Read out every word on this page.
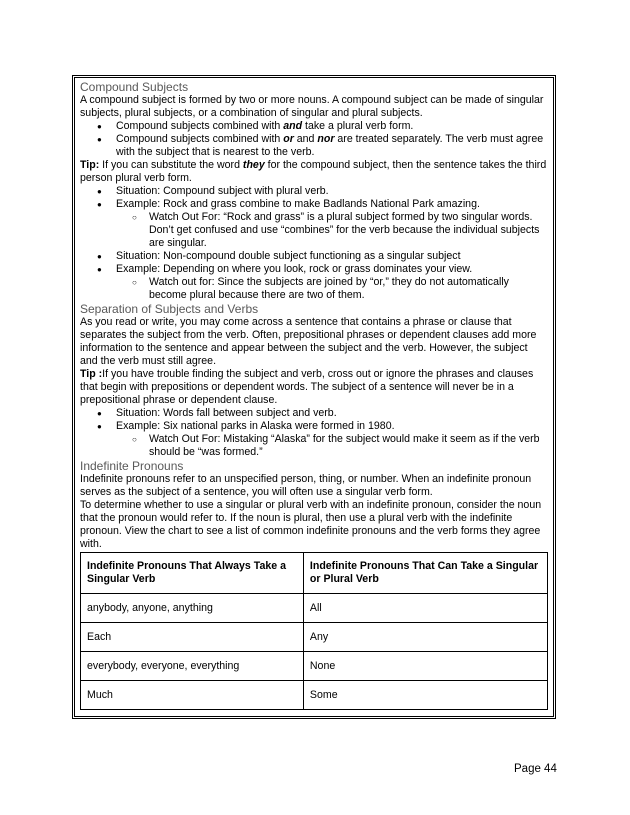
Compound Subjects

A compound subject is formed by two or more nouns. A compound subject can be made of singular subjects, plural subjects, or a combination of singular and plural subjects.

● Compound subjects combined with and take a plural verb form.
● Compound subjects combined with or and nor are treated separately. The verb must agree with the subject that is nearest to the verb.

Tip: If you can substitute the word they for the compound subject, then the sentence takes the third person plural verb form.

● Situation: Compound subject with plural verb.
● Example: Rock and grass combine to make Badlands National Park amazing.
○ Watch Out For: “Rock and grass” is a plural subject formed by two singular words. Don’t get confused and use “combines” for the verb because the individual subjects are singular.
● Situation: Non-compound double subject functioning as a singular subject
● Example: Depending on where you look, rock or grass dominates your view.
○ Watch out for: Since the subjects are joined by “or,” they do not automatically become plural because there are two of them.
Separation of Subjects and Verbs

As you read or write, you may come across a sentence that contains a phrase or clause that separates the subject from the verb. Often, prepositional phrases or dependent clauses add more information to the sentence and appear between the subject and the verb. However, the subject and the verb must still agree.

Tip :If you have trouble finding the subject and verb, cross out or ignore the phrases and clauses that begin with prepositions or dependent words. The subject of a sentence will never be in a prepositional phrase or dependent clause.

● Situation: Words fall between subject and verb.
● Example: Six national parks in Alaska were formed in 1980.
○ Watch Out For: Mistaking “Alaska” for the subject would make it seem as if the verb should be “was formed.”
Indefinite Pronouns

Indefinite pronouns refer to an unspecified person, thing, or number. When an indefinite pronoun serves as the subject of a sentence, you will often use a singular verb form.

To determine whether to use a singular or plural verb with an indefinite pronoun, consider the noun that the pronoun would refer to. If the noun is plural, then use a plural verb with the indefinite pronoun. View the chart to see a list of common indefinite pronouns and the verb forms they agree with.

Indefinite Pronouns That Always Take a Singular Verb	Indefinite Pronouns That Can Take a Singular or Plural Verb
anybody, anyone, anything	All
Each	Any
everybody, everyone, everything	None
Much	Some
Page 44
